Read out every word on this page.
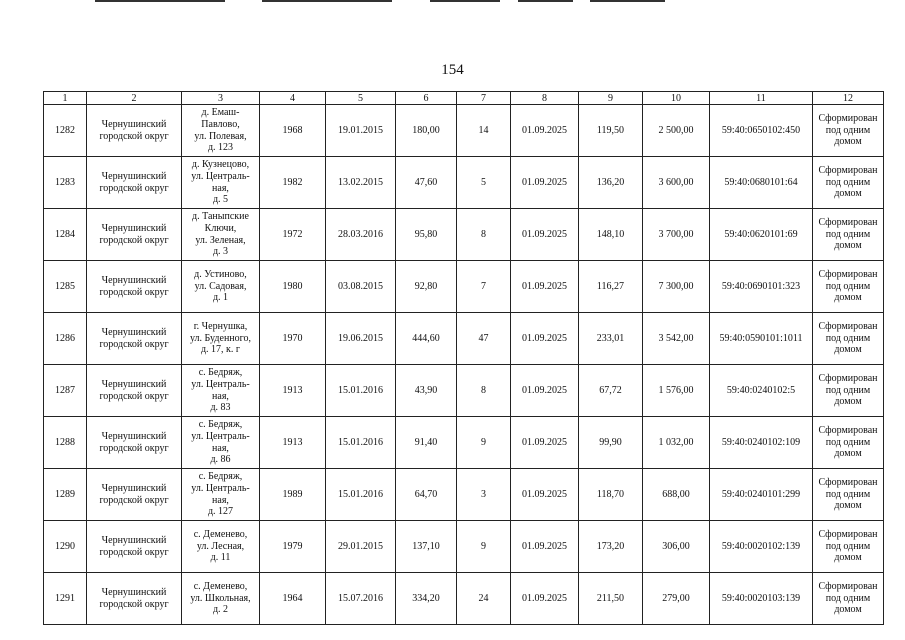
154
1	2	3	4	5	6	7	8	9	10	11	12
1282	Чернушинский городской округ	д. Емаш-
Павлово,
ул. Полевая,
д. 123	1968	19.01.2015	180,00	14	01.09.2025	119,50	2 500,00	59:40:0650102:450	Сформирован под одним домом
1283	Чернушинский городской округ	д. Кузнецово,
ул. Централь-
ная,
д. 5	1982	13.02.2015	47,60	5	01.09.2025	136,20	3 600,00	59:40:0680101:64	Сформирован под одним домом
1284	Чернушинский городской округ	д. Таныпские
Ключи,
ул. Зеленая,
д. 3	1972	28.03.2016	95,80	8	01.09.2025	148,10	3 700,00	59:40:0620101:69	Сформирован под одним домом
1285	Чернушинский городской округ	д. Устиново,
ул. Садовая,
д. 1	1980	03.08.2015	92,80	7	01.09.2025	116,27	7 300,00	59:40:0690101:323	Сформирован под одним домом
1286	Чернушинский городской округ	г. Чернушка,
ул. Буденного,
д. 17, к. г	1970	19.06.2015	444,60	47	01.09.2025	233,01	3 542,00	59:40:0590101:1011	Сформирован под одним домом
1287	Чернушинский городской округ	с. Бедряж,
ул. Централь-
ная,
д. 83	1913	15.01.2016	43,90	8	01.09.2025	67,72	1 576,00	59:40:0240102:5	Сформирован под одним домом
1288	Чернушинский городской округ	с. Бедряж,
ул. Централь-
ная,
д. 86	1913	15.01.2016	91,40	9	01.09.2025	99,90	1 032,00	59:40:0240102:109	Сформирован под одним домом
1289	Чернушинский городской округ	с. Бедряж,
ул. Централь-
ная,
д. 127	1989	15.01.2016	64,70	3	01.09.2025	118,70	688,00	59:40:0240101:299	Сформирован под одним домом
1290	Чернушинский городской округ	с. Деменево,
ул. Лесная,
д. 11	1979	29.01.2015	137,10	9	01.09.2025	173,20	306,00	59:40:0020102:139	Сформирован под одним домом
1291	Чернушинский городской округ	с. Деменево,
ул. Школьная,
д. 2	1964	15.07.2016	334,20	24	01.09.2025	211,50	279,00	59:40:0020103:139	Сформирован под одним домом
